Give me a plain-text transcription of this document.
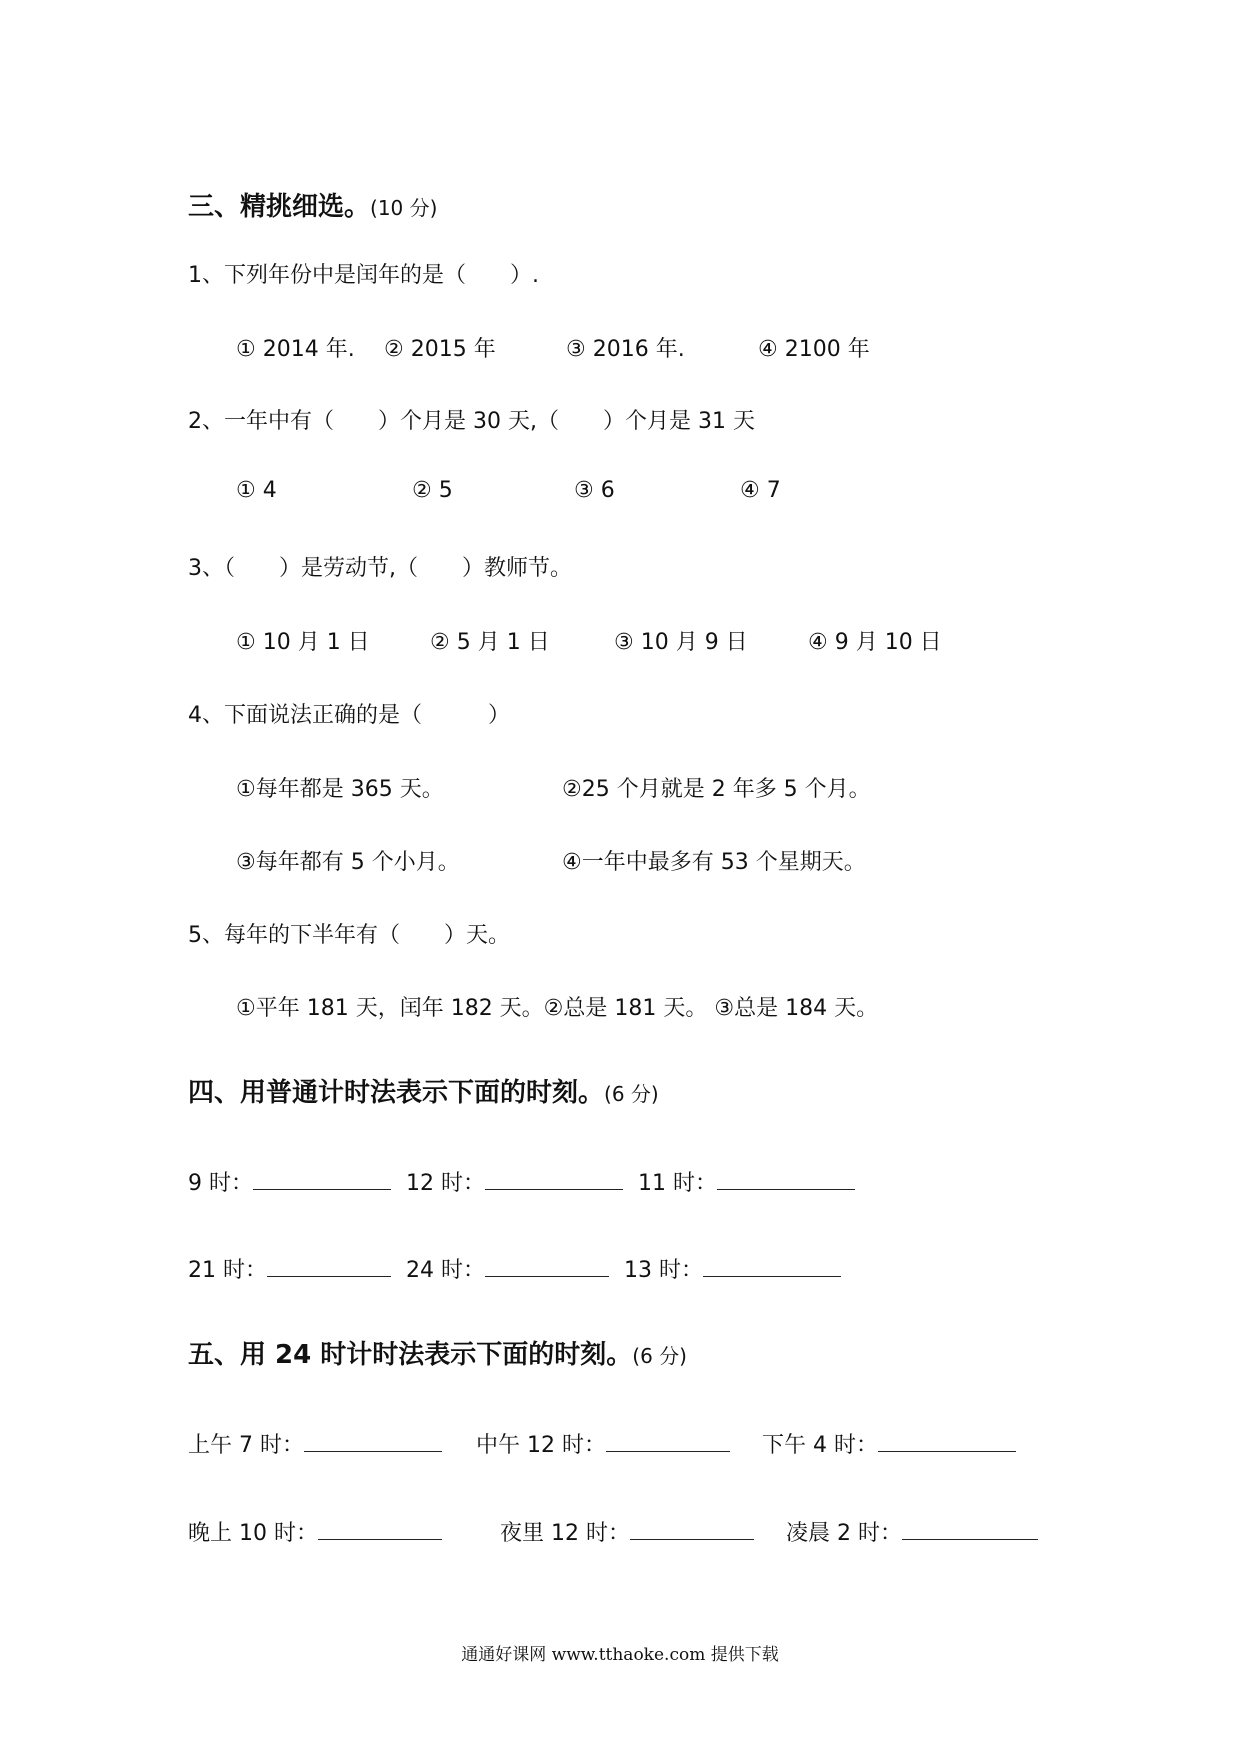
三、精挑细选。(10 分)
1、下列年份中是闰年的是（　　）.
① 2014 年. ② 2015 年	③ 2016 年.	④ 2100 年
2、一年中有（　　）个月是 30 天,（　　）个月是 31 天
① 4	② 5	③ 6	④ 7
3、（　　）是劳动节,（　　）教师节。
① 10 月 1 日	② 5 月 1 日	③ 10 月 9 日	④ 9 月 10 日
4、下面说法正确的是（　　　）
①每年都是 365 天。	②25 个月就是 2 年多 5 个月。
③每年都有 5 个小月。	④一年中最多有 53 个星期天。
5、每年的下半年有（　　）天。
①平年 181 天，闰年 182 天。②总是 181 天。 ③总是 184 天。
四、用普通计时法表示下面的时刻。(6 分)
9 时：	12 时：	11 时：
21 时：	24 时：	13 时：
五、用 24 时计时法表示下面的时刻。(6 分)
上午 7 时：	中午 12 时：	下午 4 时：
晚上 10 时：	夜里 12 时：	凌晨 2 时：
通通好课网 www.tthaoke.com 提供下载
